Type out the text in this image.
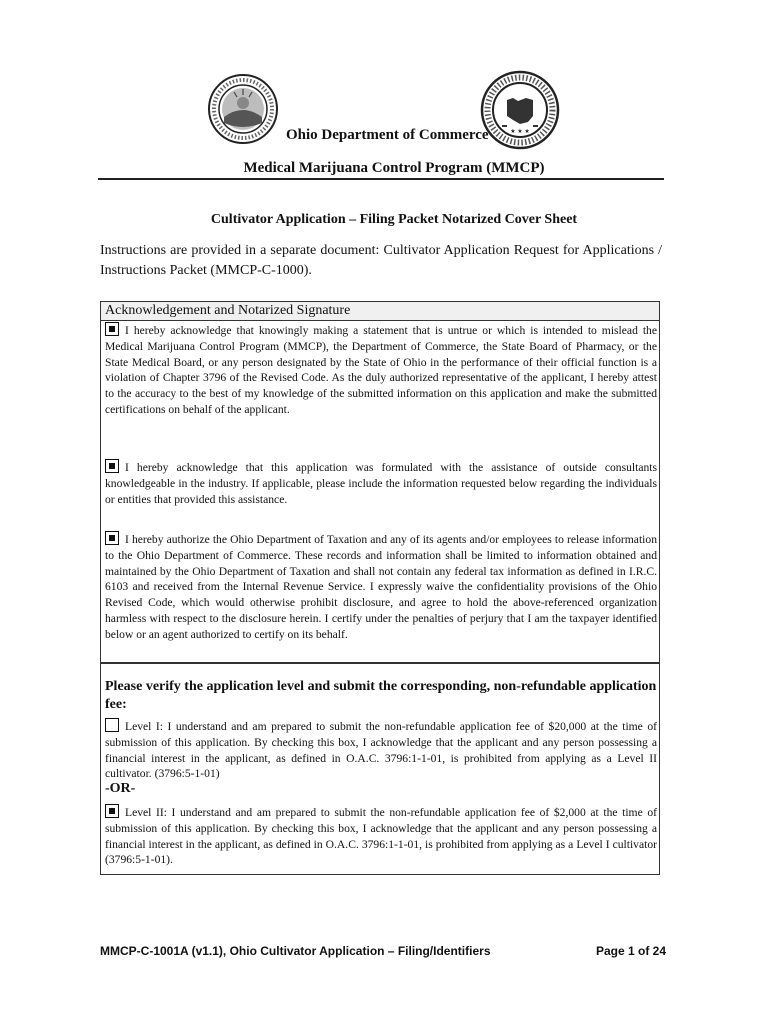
★ ★ ★
Ohio Department of Commerce
Medical Marijuana Control Program (MMCP)
Cultivator Application – Filing Packet Notarized Cover Sheet
Instructions are provided in a separate document: Cultivator Application Request for Applications / Instructions Packet (MMCP-C-1000).
Acknowledgement and Notarized Signature
I hereby acknowledge that knowingly making a statement that is untrue or which is intended to mislead the Medical Marijuana Control Program (MMCP), the Department of Commerce, the State Board of Pharmacy, or the State Medical Board, or any person designated by the State of Ohio in the performance of their official function is a violation of Chapter 3796 of the Revised Code. As the duly authorized representative of the applicant, I hereby attest to the accuracy to the best of my knowledge of the submitted information on this application and make the submitted certifications on behalf of the applicant.
I hereby acknowledge that this application was formulated with the assistance of outside consultants knowledgeable in the industry. If applicable, please include the information requested below regarding the individuals or entities that provided this assistance.
I hereby authorize the Ohio Department of Taxation and any of its agents and/or employees to release information to the Ohio Department of Commerce. These records and information shall be limited to information obtained and maintained by the Ohio Department of Taxation and shall not contain any federal tax information as defined in I.R.C. 6103 and received from the Internal Revenue Service. I expressly waive the confidentiality provisions of the Ohio Revised Code, which would otherwise prohibit disclosure, and agree to hold the above-referenced organization harmless with respect to the disclosure herein. I certify under the penalties of perjury that I am the taxpayer identified below or an agent authorized to certify on its behalf.
Please verify the application level and submit the corresponding, non-refundable application fee:
Level I: I understand and am prepared to submit the non-refundable application fee of $20,000 at the time of submission of this application. By checking this box, I acknowledge that the applicant and any person possessing a financial interest in the applicant, as defined in O.A.C. 3796:1-1-01, is prohibited from applying as a Level II cultivator. (3796:5-1-01)
-OR-
Level II: I understand and am prepared to submit the non-refundable application fee of $2,000 at the time of submission of this application. By checking this box, I acknowledge that the applicant and any person possessing a financial interest in the applicant, as defined in O.A.C. 3796:1-1-01, is prohibited from applying as a Level I cultivator (3796:5-1-01).
MMCP-C-1001A (v1.1), Ohio Cultivator Application – Filing/Identifiers	Page 1 of 24
